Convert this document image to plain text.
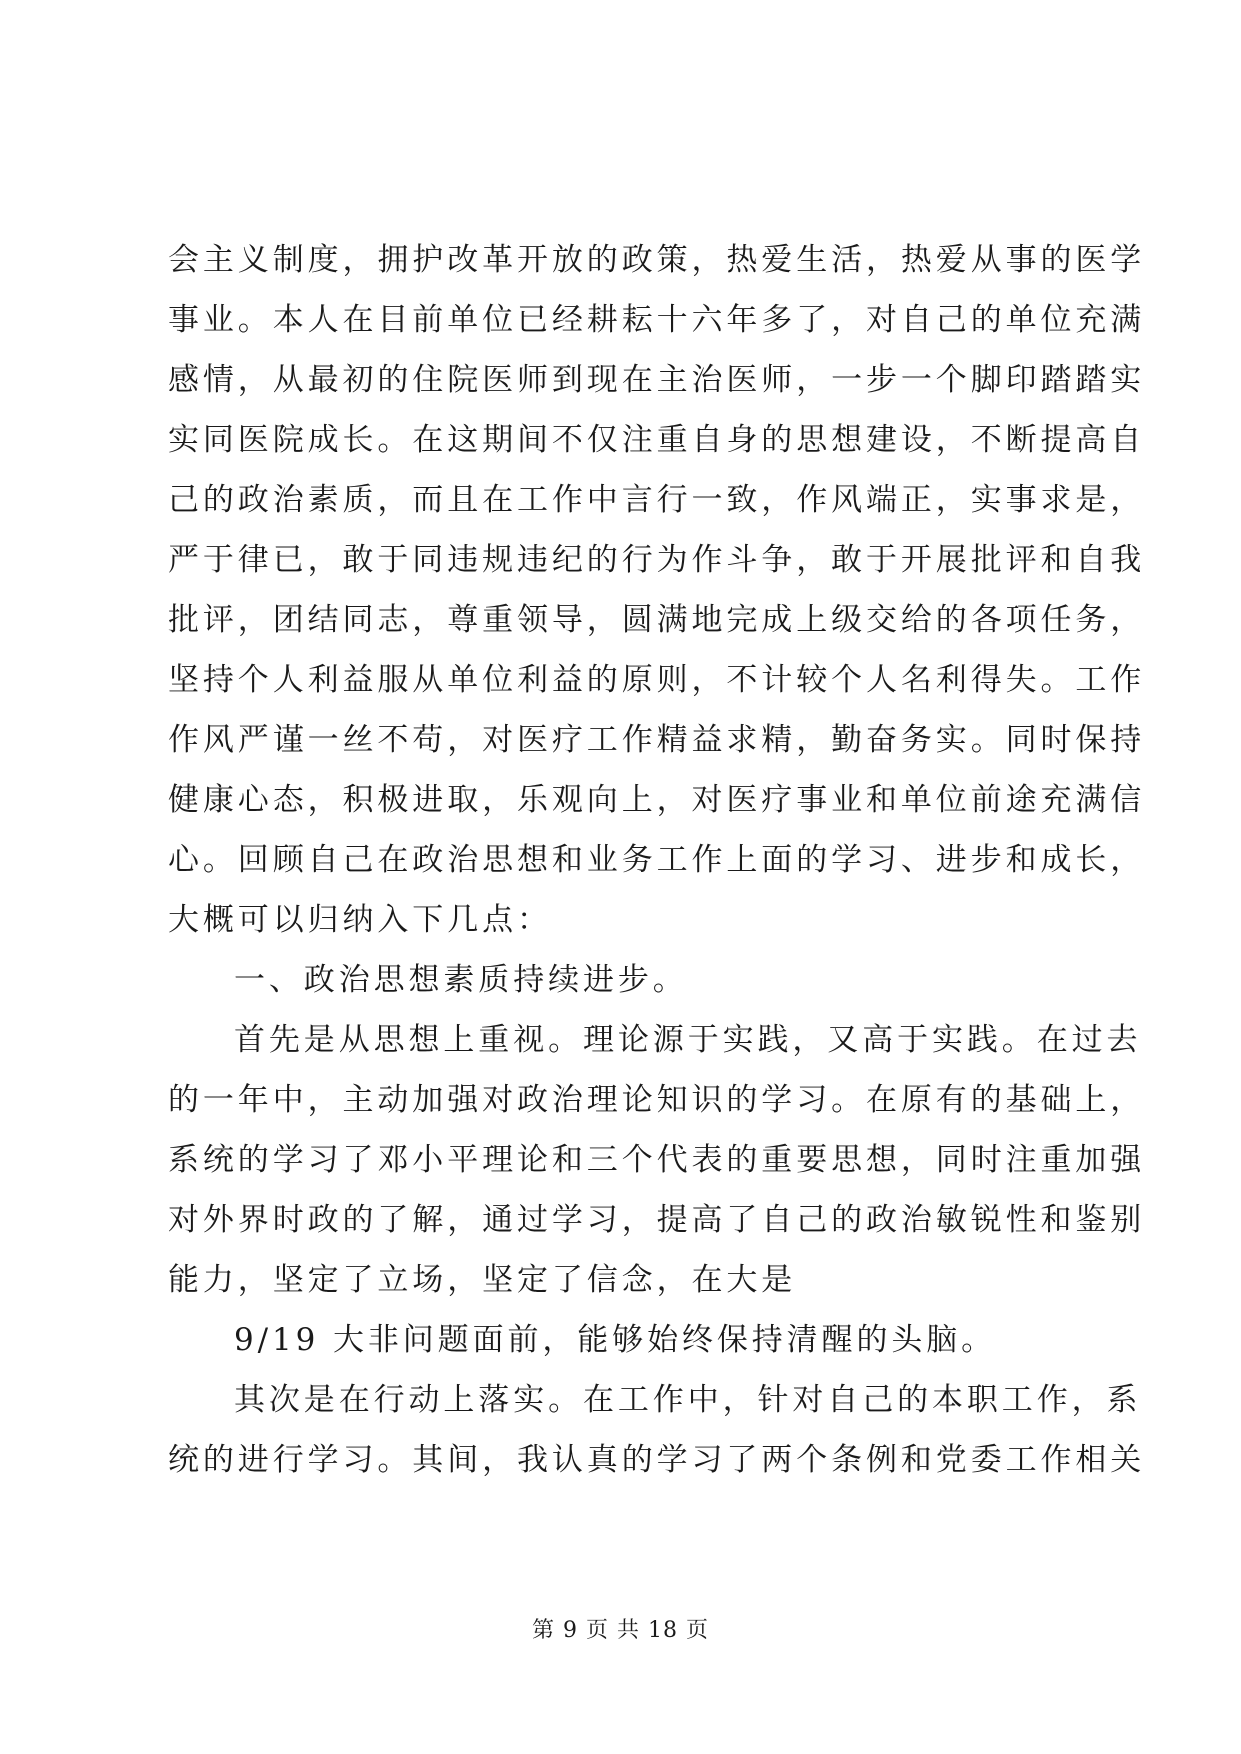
会主义制度，拥护改革开放的政策，热爱生活，热爱从事的医学
事业。本人在目前单位已经耕耘十六年多了，对自己的单位充满
感情，从最初的住院医师到现在主治医师，一步一个脚印踏踏实
实同医院成长。在这期间不仅注重自身的思想建设，不断提高自
己的政治素质，而且在工作中言行一致，作风端正，实事求是，
严于律已，敢于同违规违纪的行为作斗争，敢于开展批评和自我
批评，团结同志，尊重领导，圆满地完成上级交给的各项任务，
坚持个人利益服从单位利益的原则，不计较个人名利得失。工作
作风严谨一丝不苟，对医疗工作精益求精，勤奋务实。同时保持
健康心态，积极进取，乐观向上，对医疗事业和单位前途充满信
心。回顾自己在政治思想和业务工作上面的学习、进步和成长，
大概可以归纳入下几点：
一、政治思想素质持续进步。
首先是从思想上重视。理论源于实践，又高于实践。在过去
的一年中，主动加强对政治理论知识的学习。在原有的基础上，
系统的学习了邓小平理论和三个代表的重要思想，同时注重加强
对外界时政的了解，通过学习，提高了自己的政治敏锐性和鉴别
能力，坚定了立场，坚定了信念，在大是
9/19 大非问题面前，能够始终保持清醒的头脑。
其次是在行动上落实。在工作中，针对自己的本职工作，系
统的进行学习。其间，我认真的学习了两个条例和党委工作相关
第 9 页 共 18 页
